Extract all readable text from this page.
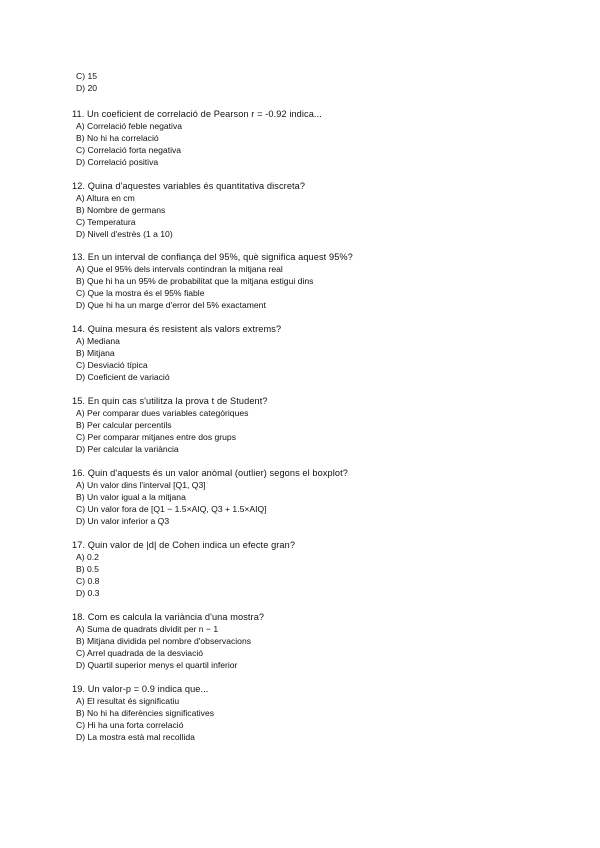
C) 15
D) 20
11. Un coeficient de correlació de Pearson r = -0.92 indica...
A) Correlació feble negativa
B) No hi ha correlació
C) Correlació forta negativa
D) Correlació positiva
12. Quina d'aquestes variables és quantitativa discreta?
A) Altura en cm
B) Nombre de germans
C) Temperatura
D) Nivell d'estrès (1 a 10)
13. En un interval de confiança del 95%, què significa aquest 95%?
A) Que el 95% dels intervals contindran la mitjana real
B) Que hi ha un 95% de probabilitat que la mitjana estigui dins
C) Que la mostra és el 95% fiable
D) Que hi ha un marge d'error del 5% exactament
14. Quina mesura és resistent als valors extrems?
A) Mediana
B) Mitjana
C) Desviació típica
D) Coeficient de variació
15. En quin cas s'utilitza la prova t de Student?
A) Per comparar dues variables categòriques
B) Per calcular percentils
C) Per comparar mitjanes entre dos grups
D) Per calcular la variància
16. Quin d'aquests és un valor anòmal (outlier) segons el boxplot?
A) Un valor dins l'interval [Q1, Q3]
B) Un valor igual a la mitjana
C) Un valor fora de [Q1 − 1.5×AIQ, Q3 + 1.5×AIQ]
D) Un valor inferior a Q3
17. Quin valor de |d| de Cohen indica un efecte gran?
A) 0.2
B) 0.5
C) 0.8
D) 0.3
18. Com es calcula la variància d'una mostra?
A) Suma de quadrats dividit per n − 1
B) Mitjana dividida pel nombre d'observacions
C) Arrel quadrada de la desviació
D) Quartil superior menys el quartil inferior
19. Un valor-p = 0.9 indica que...
A) El resultat és significatiu
B) No hi ha diferències significatives
C) Hi ha una forta correlació
D) La mostra està mal recollida
